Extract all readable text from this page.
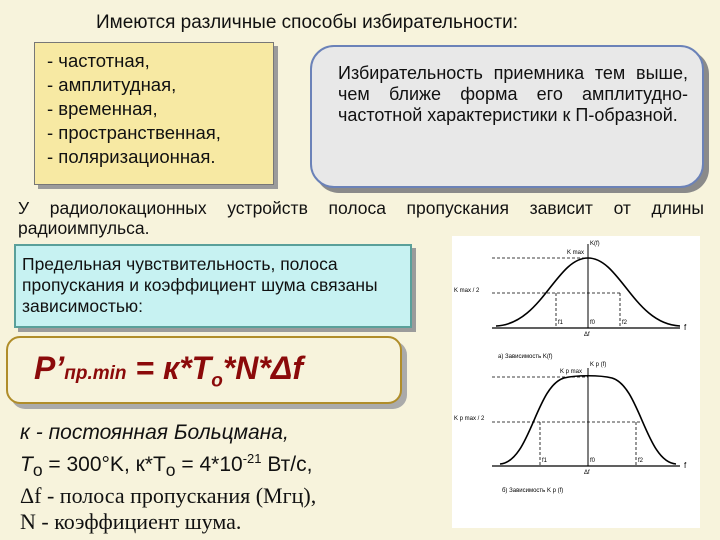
Имеются различные способы избирательности:
- частотная,
- амплитудная,
- временная,
- пространственная,
- поляризационная.
Избирательность приемника тем выше, чем ближе форма его амплитудно-частотной характеристики к П-образной.
У радиолокационных устройств полоса пропускания зависит от длины радиоимпульса.
Предельная чувствительность, полоса пропускания и коэффициент шума связаны зависимостью:
P’пр.min = $к*T_о*N*\Delta f$
к - постоянная Больцмана,
$T_о = 300^\circ K$, $к*T_о = 4*10^{-21}$ Вт/с,
Δf - полоса пропускания (Мгц),
N - коэффициент шума.
K(f)
K max
K max / 2
f1	f0	f2
Δf
f
а) Зависимость K(f)
K p (f)
K p max
K p max / 2
f1	f0	f2
Δf
f
б) Зависимость K p (f)
